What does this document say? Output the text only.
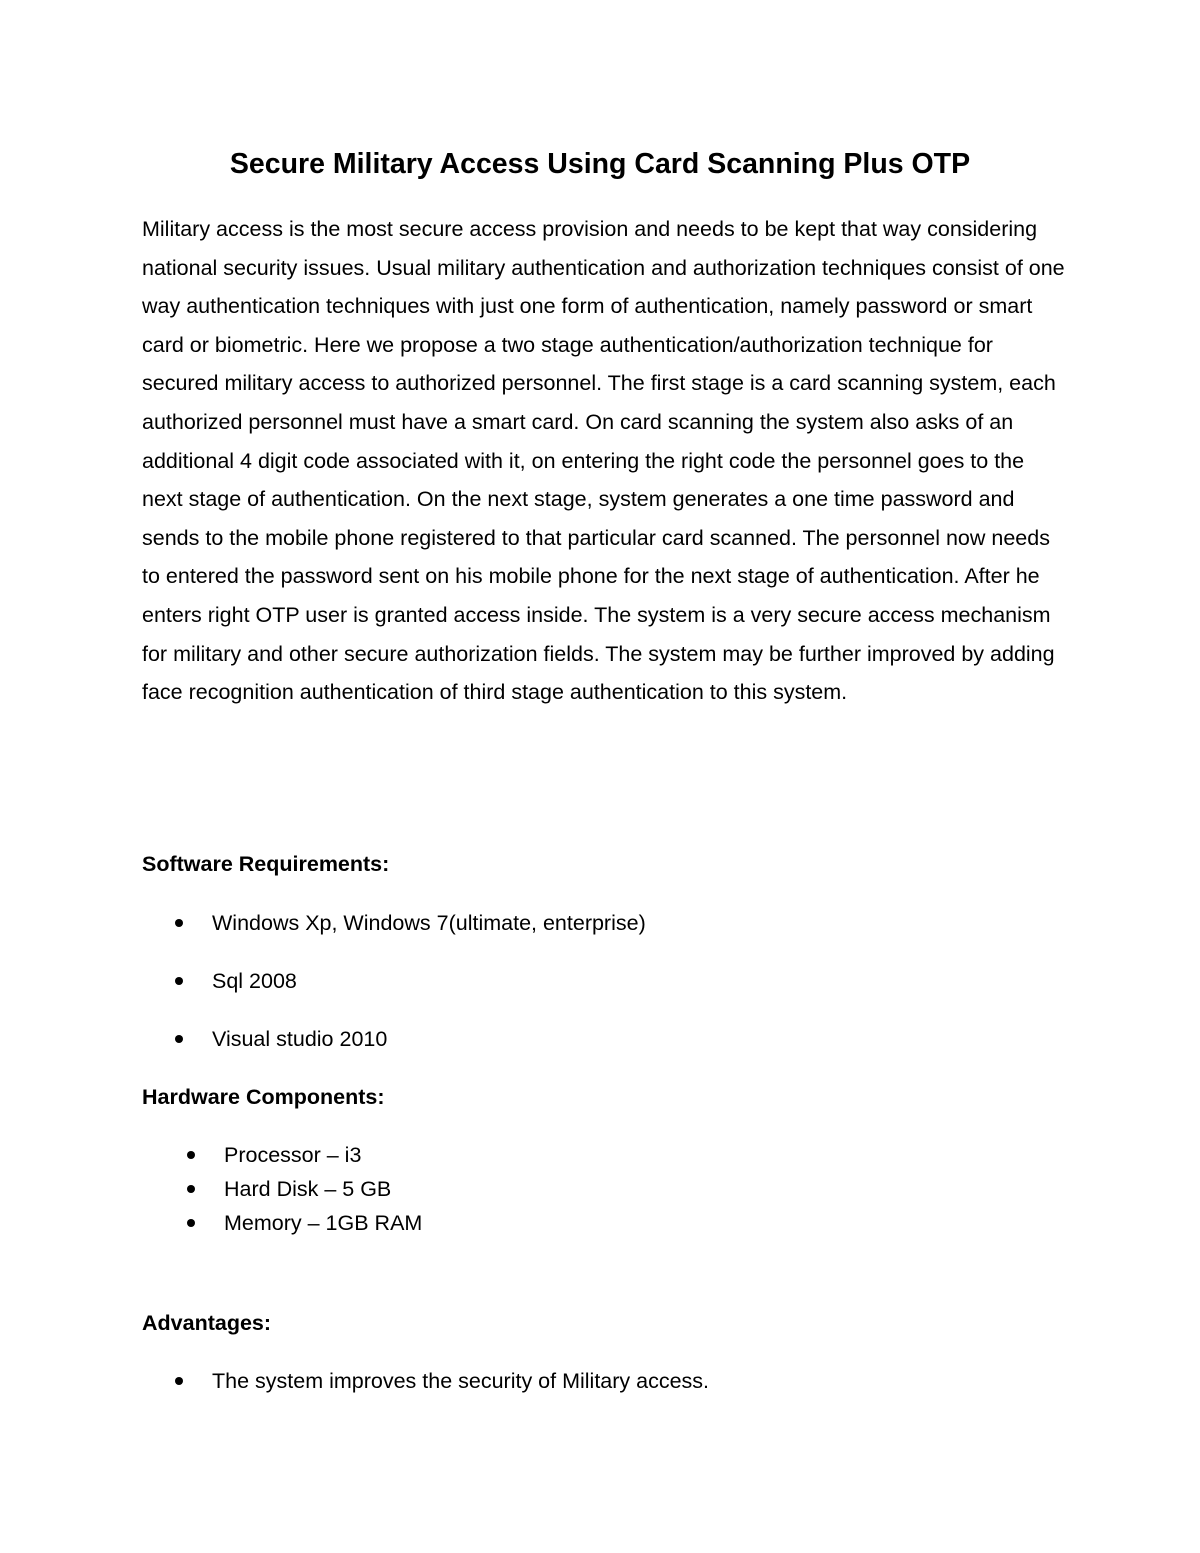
Secure Military Access Using Card Scanning Plus OTP

Military access is the most secure access provision and needs to be kept that way considering national security issues. Usual military authentication and authorization techniques consist of one way authentication techniques with just one form of authentication, namely password or smart card or biometric. Here we propose a two stage authentication/authorization technique for secured military access to authorized personnel. The first stage is a card scanning system, each authorized personnel must have a smart card. On card scanning the system also asks of an additional 4 digit code associated with it, on entering the right code the personnel goes to the next stage of authentication. On the next stage, system generates a one time password and sends to the mobile phone registered to that particular card scanned. The personnel now needs to entered the password sent on his mobile phone for the next stage of authentication. After he enters right OTP user is granted access inside. The system is a very secure access mechanism for military and other secure authorization fields. The system may be further improved by adding face recognition authentication of third stage authentication to this system.

Software Requirements:
Windows Xp, Windows 7(ultimate, enterprise)
Sql 2008
Visual studio 2010
Hardware Components:
Processor – i3
Hard Disk – 5 GB
Memory – 1GB RAM
Advantages:
The system improves the security of Military access.
